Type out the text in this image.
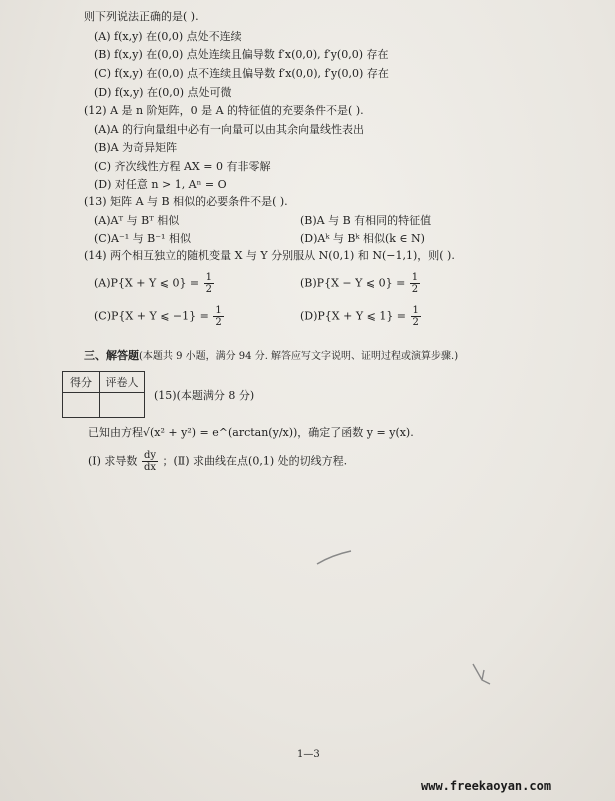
则下列说法正确的是( ).
(A) f(x,y) 在(0,0) 点处不连续
(B) f(x,y) 在(0,0) 点处连续且偏导数 f′x(0,0), f′y(0,0) 存在
(C) f(x,y) 在(0,0) 点不连续且偏导数 f′x(0,0), f′y(0,0) 存在
(D) f(x,y) 在(0,0) 点处可微
(12) A 是 n 阶矩阵，0 是 A 的特征值的充要条件不是( ).
(A)A 的行向量组中必有一向量可以由其余向量线性表出
(B)A 为奇异矩阵
(C) 齐次线性方程 AX = 0 有非零解
(D) 对任意 n > 1, Aⁿ = O
(13) 矩阵 A 与 B 相似的必要条件不是( ).
(A)Aᵀ 与 Bᵀ 相似	(B)A 与 B 有相同的特征值
(C)A⁻¹ 与 B⁻¹ 相似	(D)Aᵏ 与 Bᵏ 相似(k ∈ N)
(14) 两个相互独立的随机变量 X 与 Y 分别服从 N(0,1) 和 N(−1,1)，则( ).
(A)P{X + Y ⩽ $0\} = \frac{1}{2}$	(B)P{X − Y ⩽ $0\} = \frac{1}{2}$
(C)P{X + Y ⩽ $-1\} = \frac{1}{2}$	(D)P{X + Y ⩽ $1\} = \frac{1}{2}$
三、解答题(本题共 9 小题，满分 94 分. 解答应写文字说明、证明过程或演算步骤.)
得分	评卷人

(15)(本题满分 8 分)
已知由方程√(x² + y²) = e^(arctan(y/x))，确定了函数 y = y(x).
(Ⅰ) 求导数 $\frac{dy}{dx}$ ；(Ⅱ) 求曲线在点(0,1) 处的切线方程.
1—3
www.freekaoyan.com
